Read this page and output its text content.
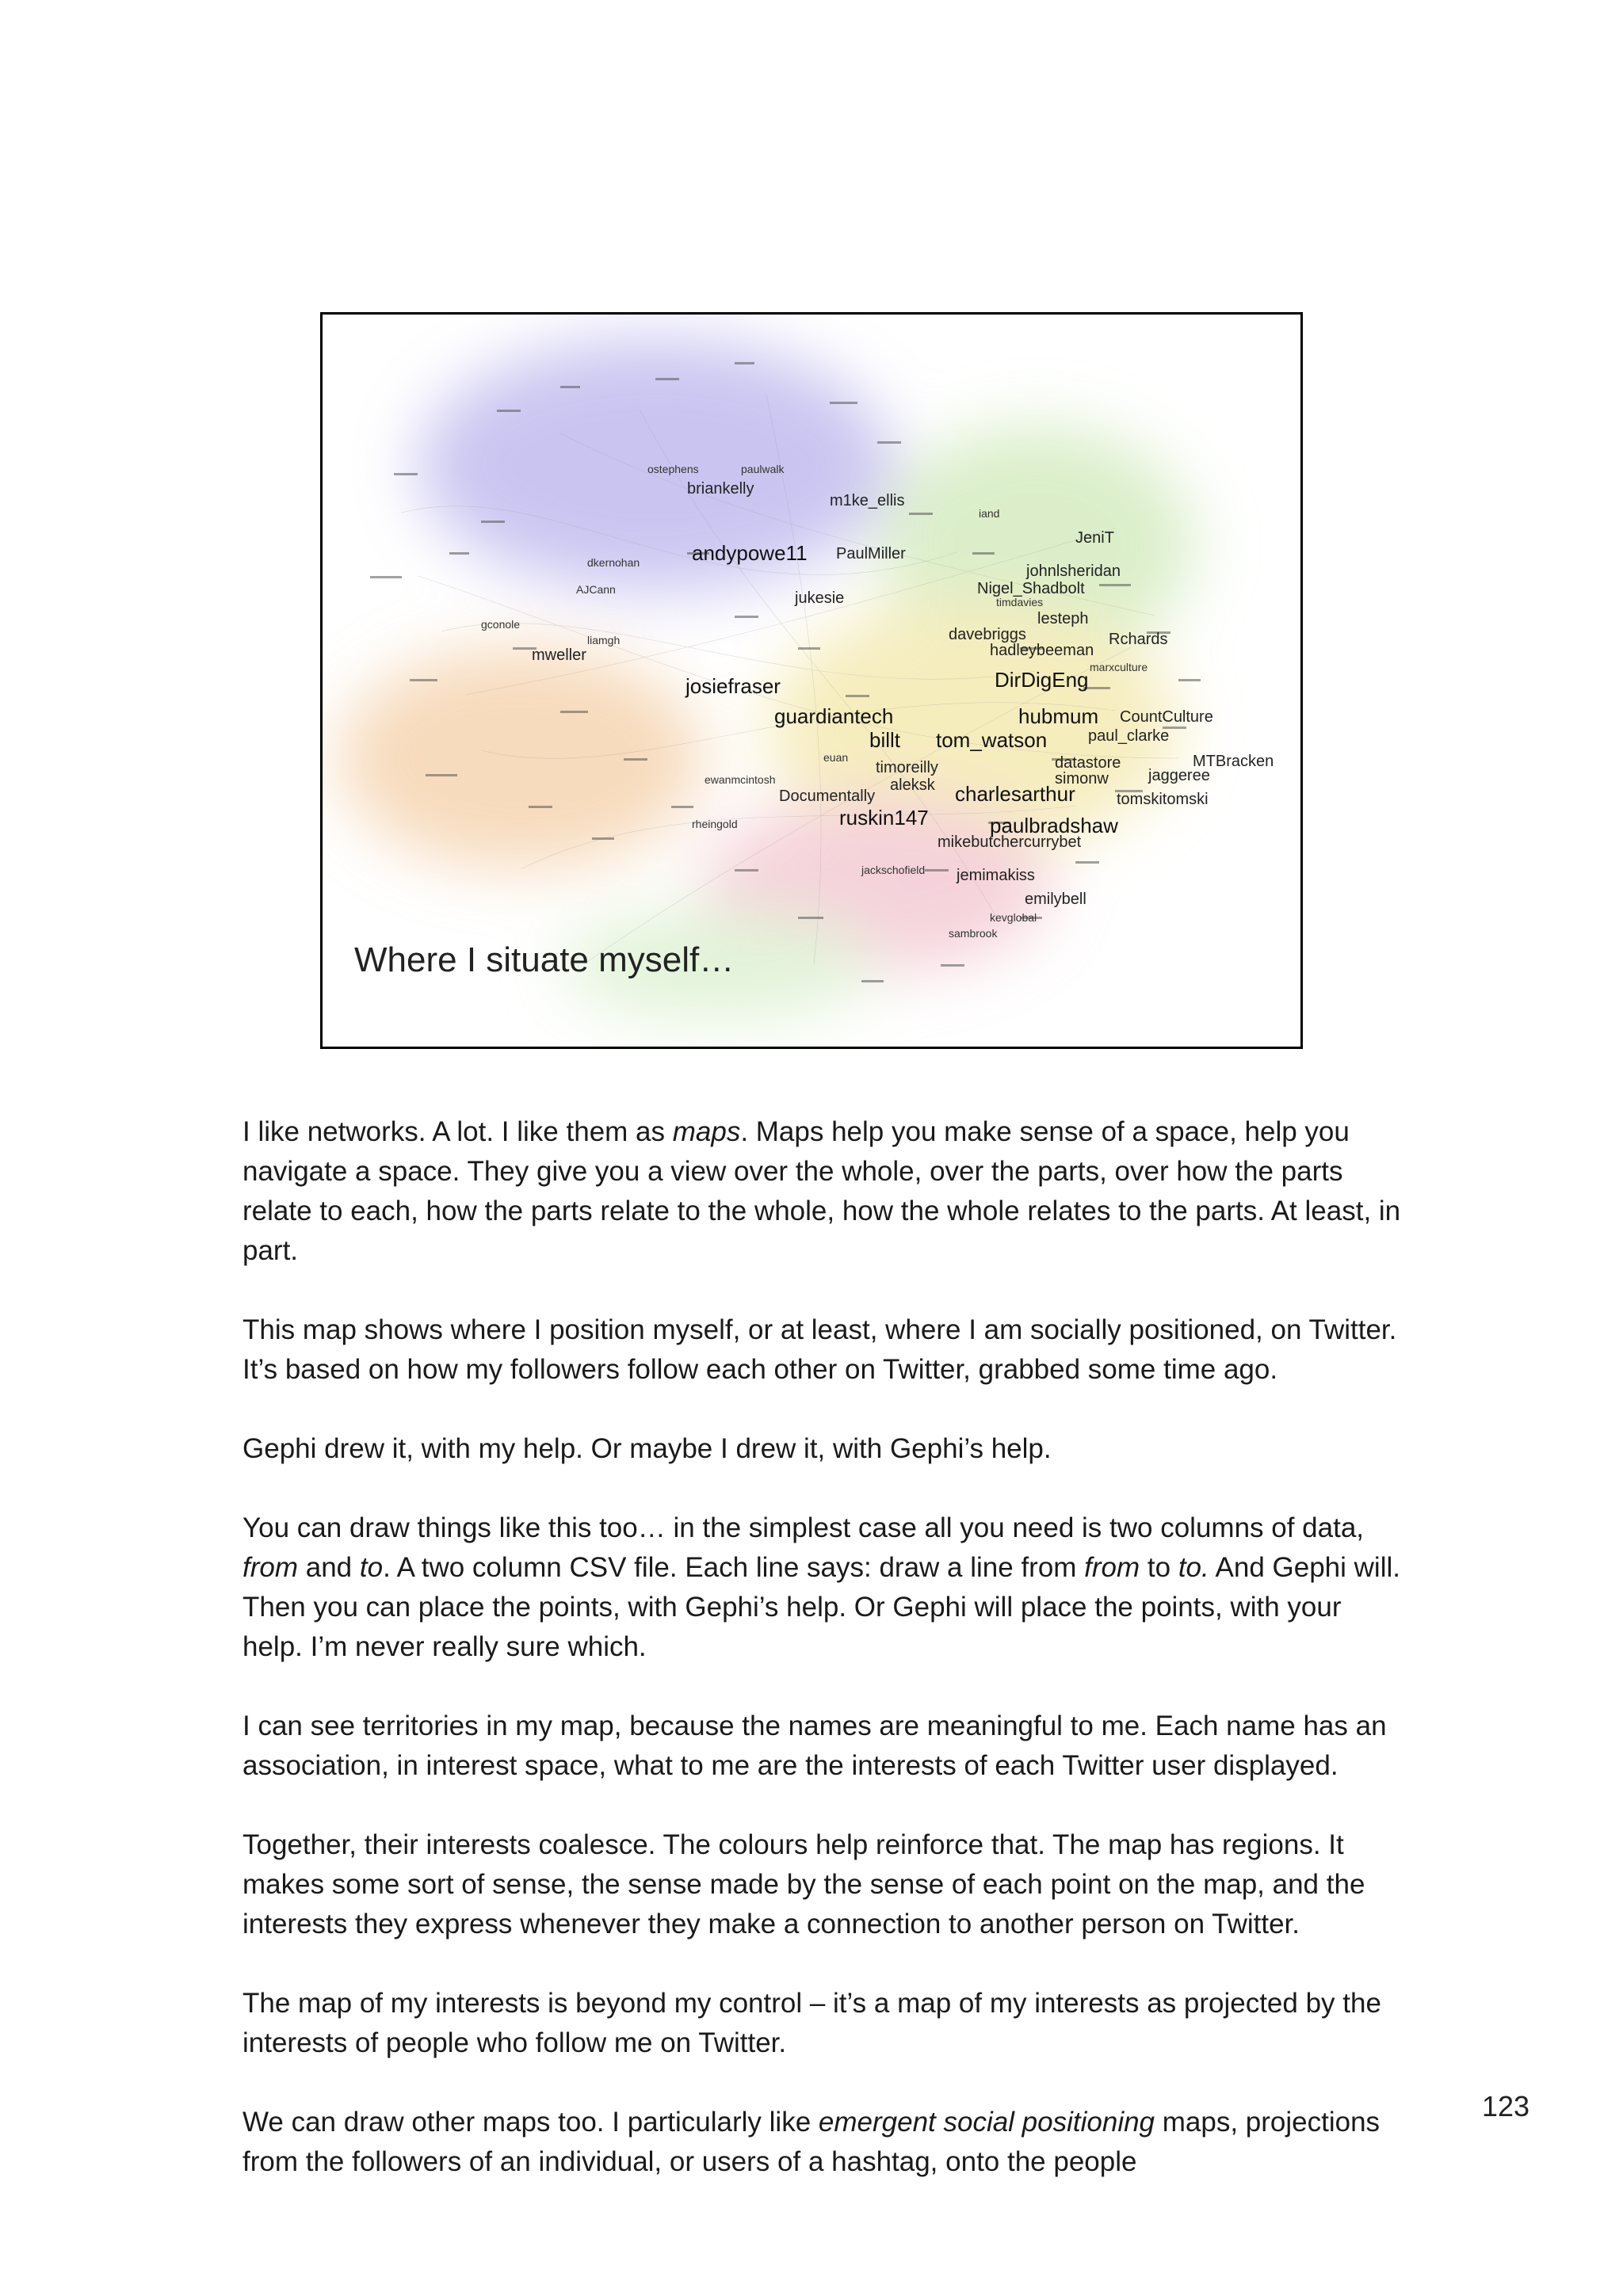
briankelly
ostephens	paulwalk
m1ke_ellis
andypowe11 PaulMiller
JeniT
johnlsheridan
Nigel_Shadbolt
lesteph
davebriggs	Rchards
hadleybeeman
DirDigEng
mweller
josiefraser
jukesie
guardiantech	hubmum CountCulture
billt tom_watson	paul_clarke
datastore
jaggeree
MTBracken
timoreilly
aleksk charlesarthur	tomskitomski
Documentally
ewanmcintosh
ruskin147	paulbradshaw
mikebutchercurrybet
jemimakiss
jackschofield
emilybell
kevglobal
sambrook
rheingold
marxculture
timdavies
gconole
liamgh
dkernohan
AJCann
euan
simonw
iand
Where I situate myself…

I like networks. A lot. I like them as maps. Maps help you make sense of a space, help you navigate a space. They give you a view over the whole, over the parts, over how the parts relate to each, how the parts relate to the whole, how the whole relates to the parts. At least, in part.

This map shows where I position myself, or at least, where I am socially positioned, on Twitter. It’s based on how my followers follow each other on Twitter, grabbed some time ago.

Gephi drew it, with my help. Or maybe I drew it, with Gephi’s help.

You can draw things like this too… in the simplest case all you need is two columns of data, from and to. A two column CSV file. Each line says: draw a line from from to to. And Gephi will. Then you can place the points, with Gephi’s help. Or Gephi will place the points, with your help. I’m never really sure which.

I can see territories in my map, because the names are meaningful to me. Each name has an association, in interest space, what to me are the interests of each Twitter user displayed.

Together, their interests coalesce. The colours help reinforce that. The map has regions. It makes some sort of sense, the sense made by the sense of each point on the map, and the interests they express whenever they make a connection to another person on Twitter.

The map of my interests is beyond my control – it’s a map of my interests as projected by the interests of people who follow me on Twitter.

We can draw other maps too. I particularly like emergent social positioning maps, projections from the followers of an individual, or users of a hashtag, onto the people

123
